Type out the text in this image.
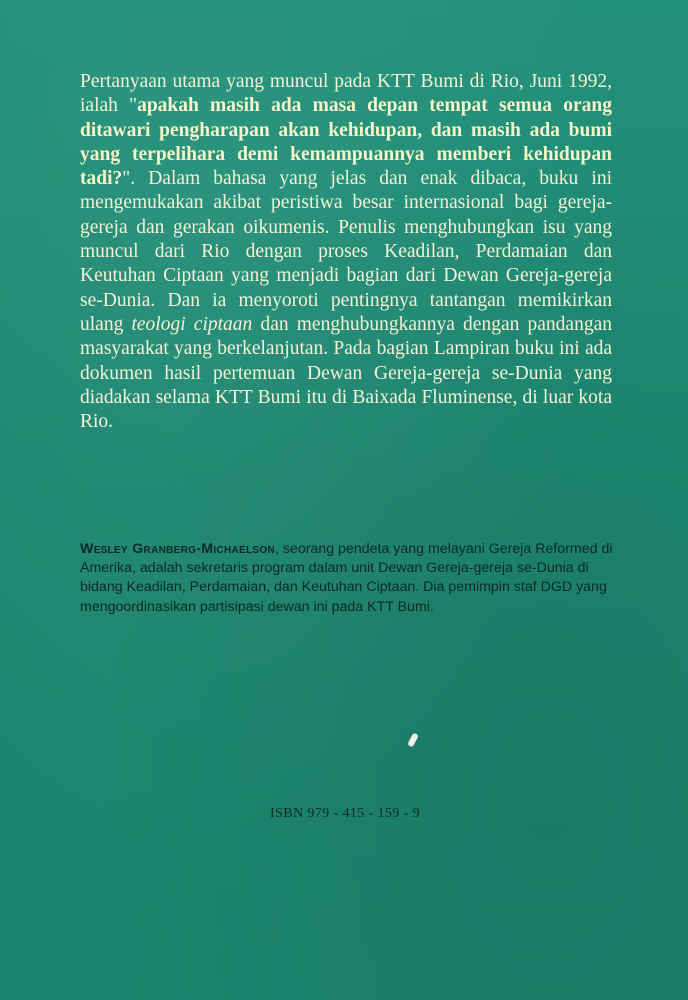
Pertanyaan utama yang muncul pada KTT Bumi di Rio, Juni 1992, ialah "apakah masih ada masa depan tempat semua orang ditawari pengharapan akan kehidupan, dan masih ada bumi yang terpelihara demi kemampuannya memberi kehidupan tadi?". Dalam bahasa yang jelas dan enak dibaca, buku ini mengemukakan akibat peristiwa besar internasional bagi gereja-gereja dan gerakan oikumenis. Penulis menghubungkan isu yang muncul dari Rio dengan proses Keadilan, Perdamaian dan Keutuhan Ciptaan yang menjadi bagian dari Dewan Gereja-gereja se-Dunia. Dan ia menyoroti pentingnya tantangan memikirkan ulang teologi ciptaan dan menghubungkannya dengan pandangan masyarakat yang berkelanjutan. Pada bagian Lampiran buku ini ada dokumen hasil pertemuan Dewan Gereja-gereja se-Dunia yang diadakan selama KTT Bumi itu di Baixada Fluminense, di luar kota Rio.

Wesley Granberg-Michaelson, seorang pendeta yang melayani Gereja Reformed di Amerika, adalah sekretaris program dalam unit Dewan Gereja-gereja se-Dunia di bidang Keadilan, Perdamaian, dan Keutuhan Ciptaan. Dia pemimpin staf DGD yang mengoordinasikan partisipasi dewan ini pada KTT Bumi.

ISBN 979 - 415 - 159 - 9
